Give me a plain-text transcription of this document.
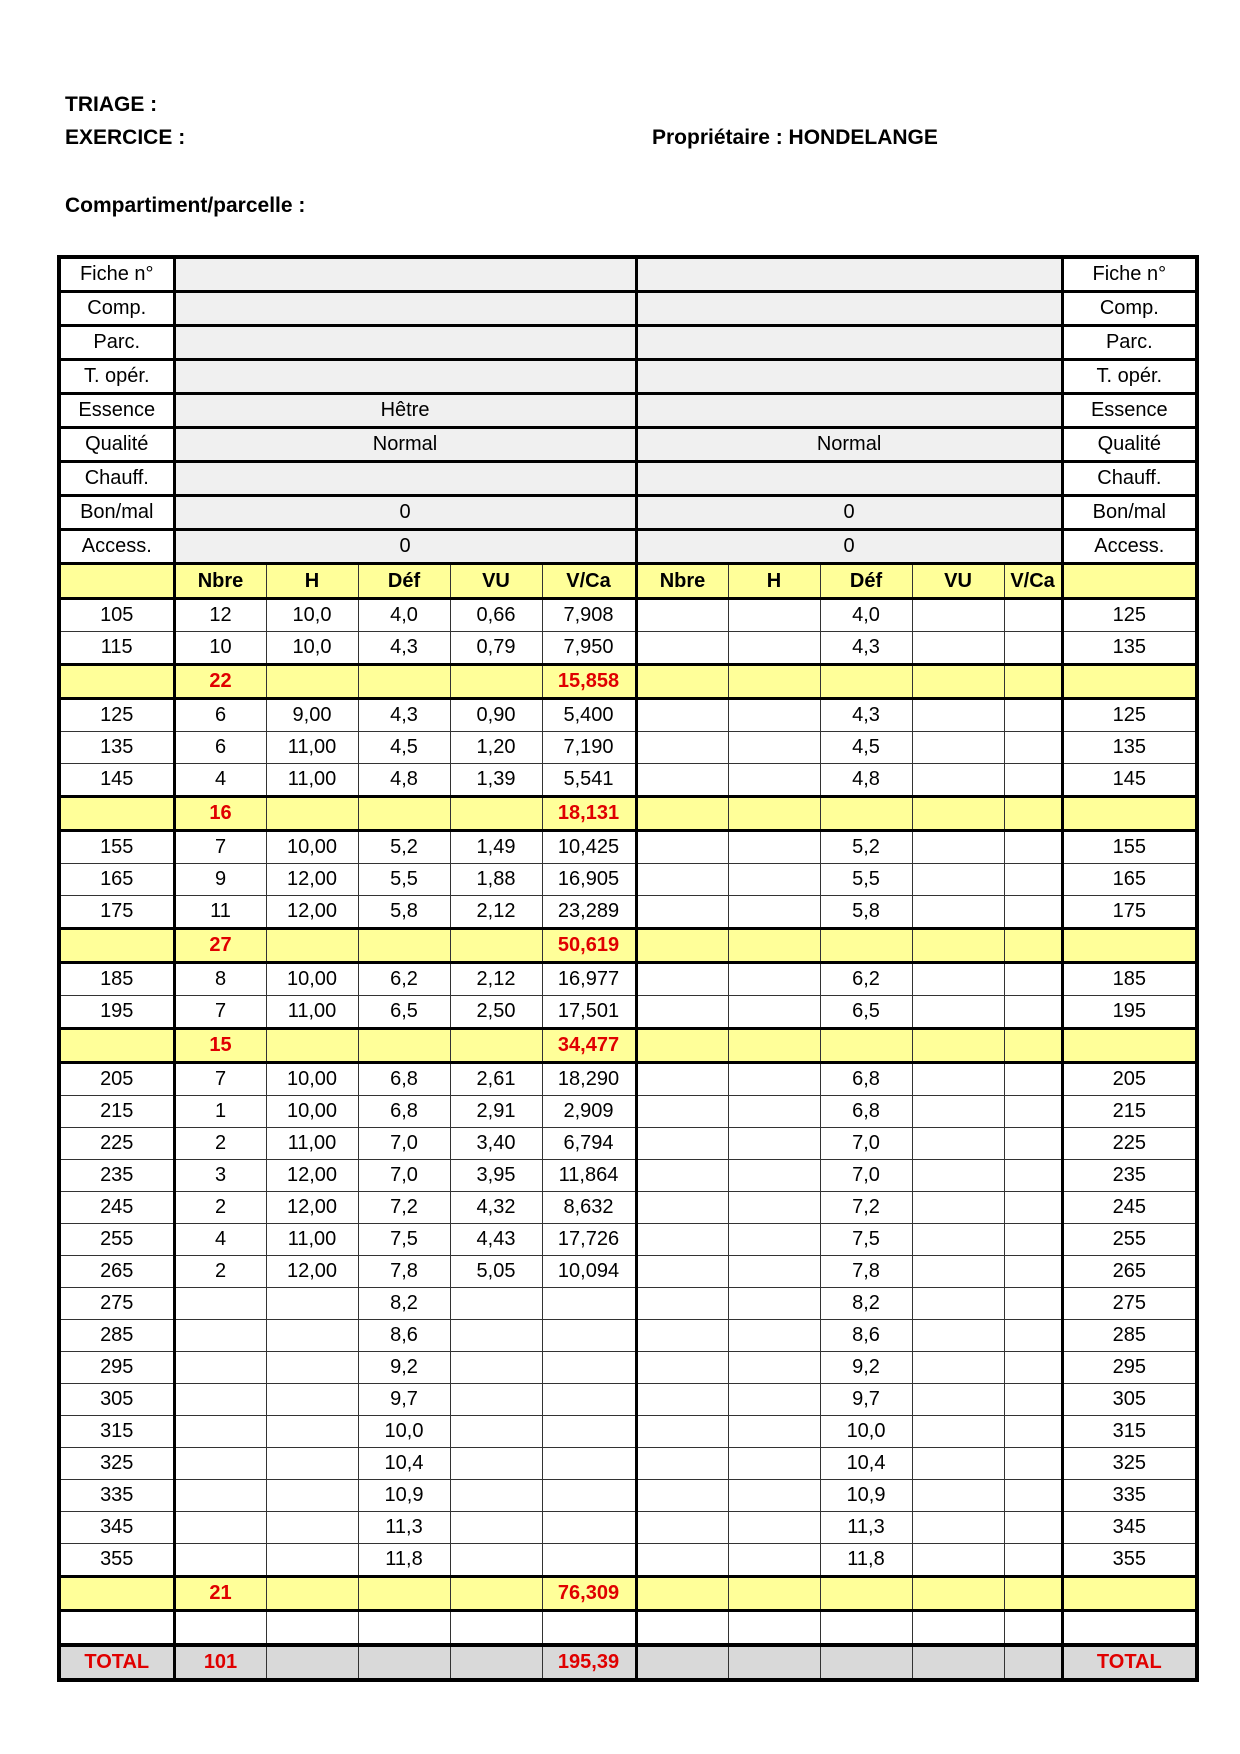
TRIAGE :
EXERCICE :	Propriétaire : HONDELANGE
Compartiment/parcelle :
Fiche n°											Fiche n°
Comp.											Comp.
Parc.											Parc.
T. opér.											T. opér.
Essence	Hêtre										Essence
Qualité	Normal					Normal					Qualité
Chauff.											Chauff.
Bon/mal	0					0					Bon/mal
Access.	0					0					Access.
	Nbre	H	Déf	VU	V/Ca	Nbre	H	Déf	VU	V/Ca	
105	12	10,0	4,0	0,66	7,908			4,0			125
115	10	10,0	4,3	0,79	7,950			4,3			135
	22				15,858						
125	6	9,00	4,3	0,90	5,400			4,3			125
135	6	11,00	4,5	1,20	7,190			4,5			135
145	4	11,00	4,8	1,39	5,541			4,8			145
	16				18,131						
155	7	10,00	5,2	1,49	10,425			5,2			155
165	9	12,00	5,5	1,88	16,905			5,5			165
175	11	12,00	5,8	2,12	23,289			5,8			175
	27				50,619						
185	8	10,00	6,2	2,12	16,977			6,2			185
195	7	11,00	6,5	2,50	17,501			6,5			195
	15				34,477						
205	7	10,00	6,8	2,61	18,290			6,8			205
215	1	10,00	6,8	2,91	2,909			6,8			215
225	2	11,00	7,0	3,40	6,794			7,0			225
235	3	12,00	7,0	3,95	11,864			7,0			235
245	2	12,00	7,2	4,32	8,632			7,2			245
255	4	11,00	7,5	4,43	17,726			7,5			255
265	2	12,00	7,8	5,05	10,094			7,8			265
275			8,2					8,2			275
285			8,6					8,6			285
295			9,2					9,2			295
305			9,7					9,7			305
315			10,0					10,0			315
325			10,4					10,4			325
335			10,9					10,9			335
345			11,3					11,3			345
355			11,8					11,8			355
	21				76,309						

TOTAL	101				195,39						TOTAL
